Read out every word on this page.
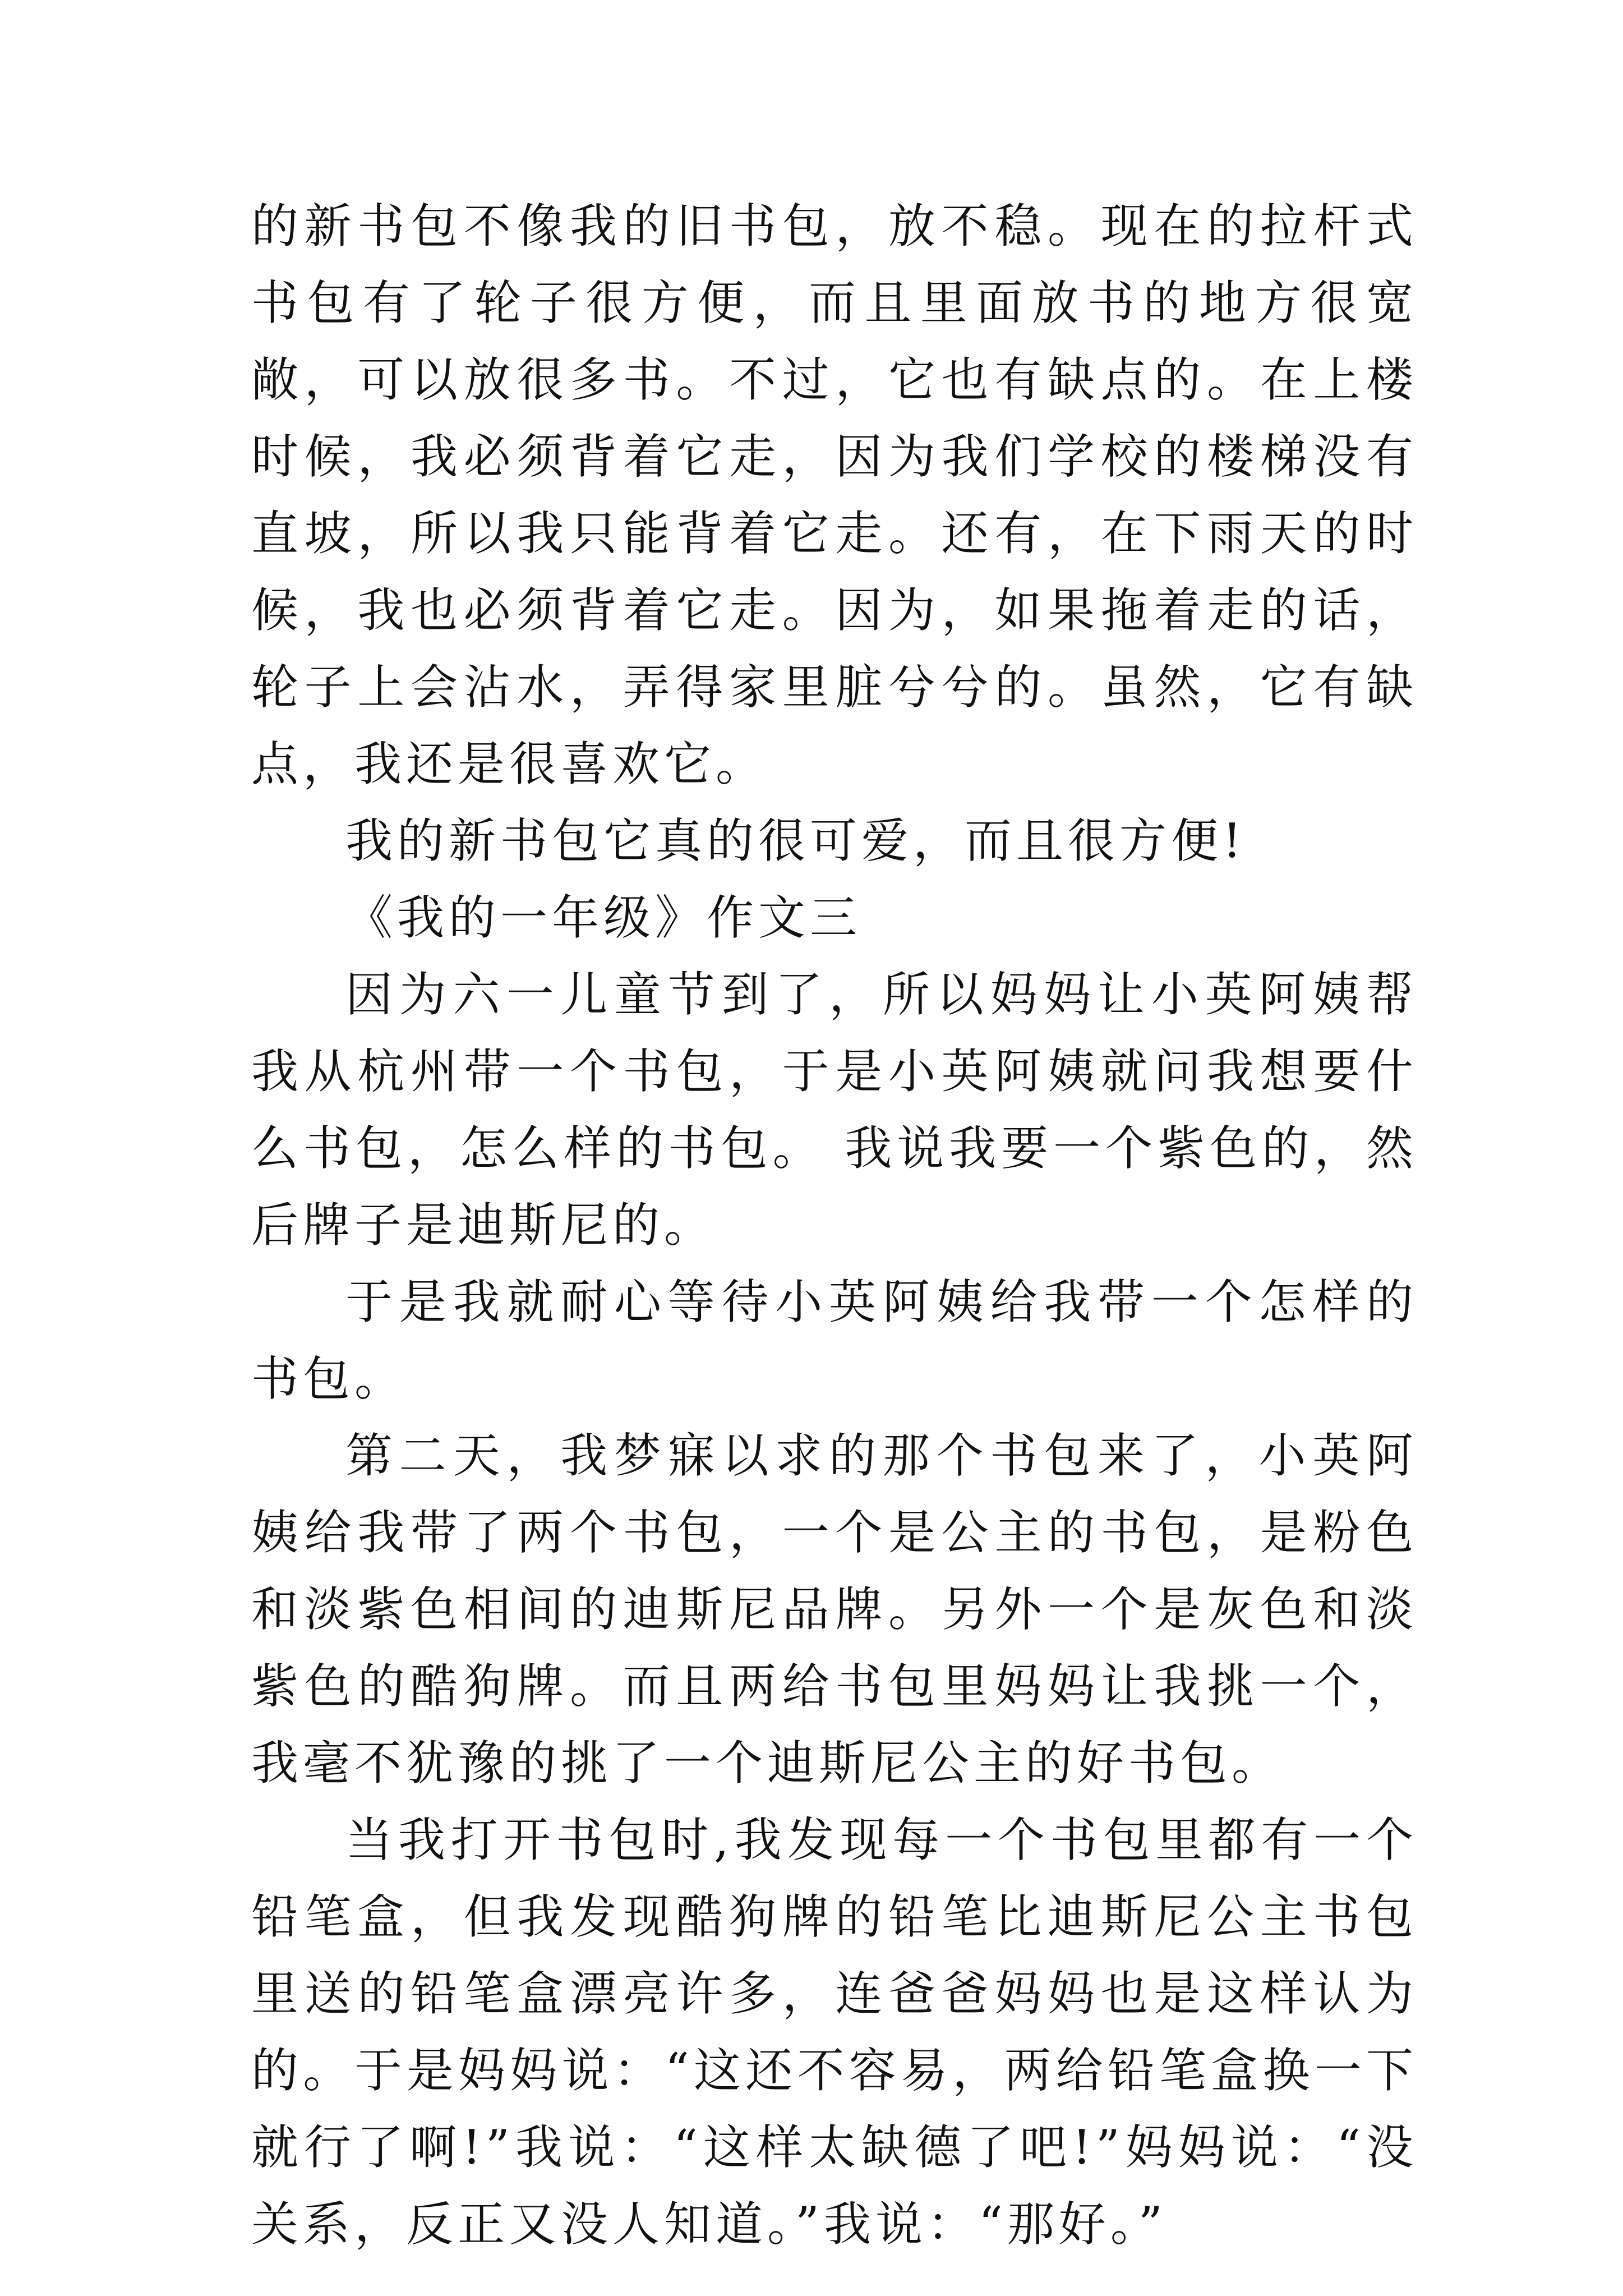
的新书包不像我的旧书包，放不稳。现在的拉杆式书包有了轮子很方便，而且里面放书的地方很宽敞，可以放很多书。不过，它也有缺点的。在上楼时候，我必须背着它走，因为我们学校的楼梯没有直坡，所以我只能背着它走。还有，在下雨天的时候，我也必须背着它走。因为，如果拖着走的话，轮子上会沾水，弄得家里脏兮兮的。虽然，它有缺点，我还是很喜欢它。

我的新书包它真的很可爱，而且很方便!

《我的一年级》作文三

因为六一儿童节到了，所以妈妈让小英阿姨帮我从杭州带一个书包，于是小英阿姨就问我想要什么书包，怎么样的书包。 我说我要一个紫色的，然后牌子是迪斯尼的。

于是我就耐心等待小英阿姨给我带一个怎样的书包。

第二天，我梦寐以求的那个书包来了，小英阿姨给我带了两个书包，一个是公主的书包，是粉色和淡紫色相间的迪斯尼品牌。另外一个是灰色和淡紫色的酷狗牌。而且两给书包里妈妈让我挑一个，我毫不犹豫的挑了一个迪斯尼公主的好书包。

当我打开书包时,我发现每一个书包里都有一个铅笔盒，但我发现酷狗牌的铅笔比迪斯尼公主书包里送的铅笔盒漂亮许多，连爸爸妈妈也是这样认为的。于是妈妈说：“这还不容易，两给铅笔盒换一下就行了啊!”我说：“这样太缺德了吧!”妈妈说：“没关系，反正又没人知道。”我说：“那好。”
